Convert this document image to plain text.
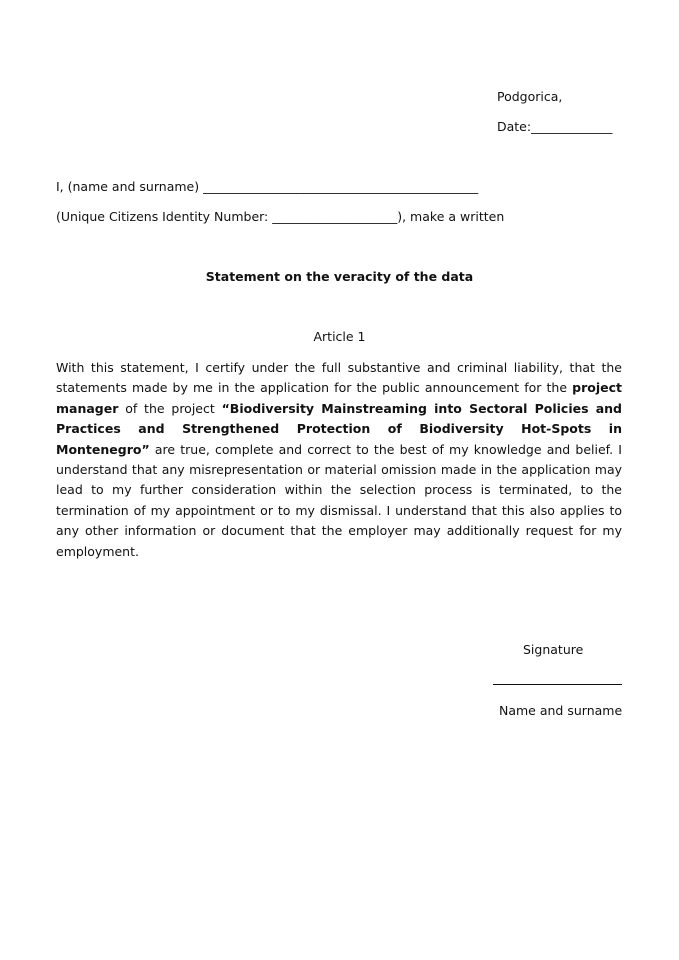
Podgorica,
Date:_____________
I, (name and surname) ____________________________________________
(Unique Citizens Identity Number: ____________________), make a written
Statement on the veracity of the data
Article 1
With this statement, I certify under the full substantive and criminal liability, that the statements made by me in the application for the public announcement for the project manager of the project “Biodiversity Mainstreaming into Sectoral Policies and Practices and Strengthened Protection of Biodiversity Hot-Spots in Montenegro” are true, complete and correct to the best of my knowledge and belief. I understand that any misrepresentation or material omission made in the application may lead to my further consideration within the selection process is terminated, to the termination of my appointment or to my dismissal. I understand that this also applies to any other information or document that the employer may additionally request for my employment.
Signature
Name and surname
